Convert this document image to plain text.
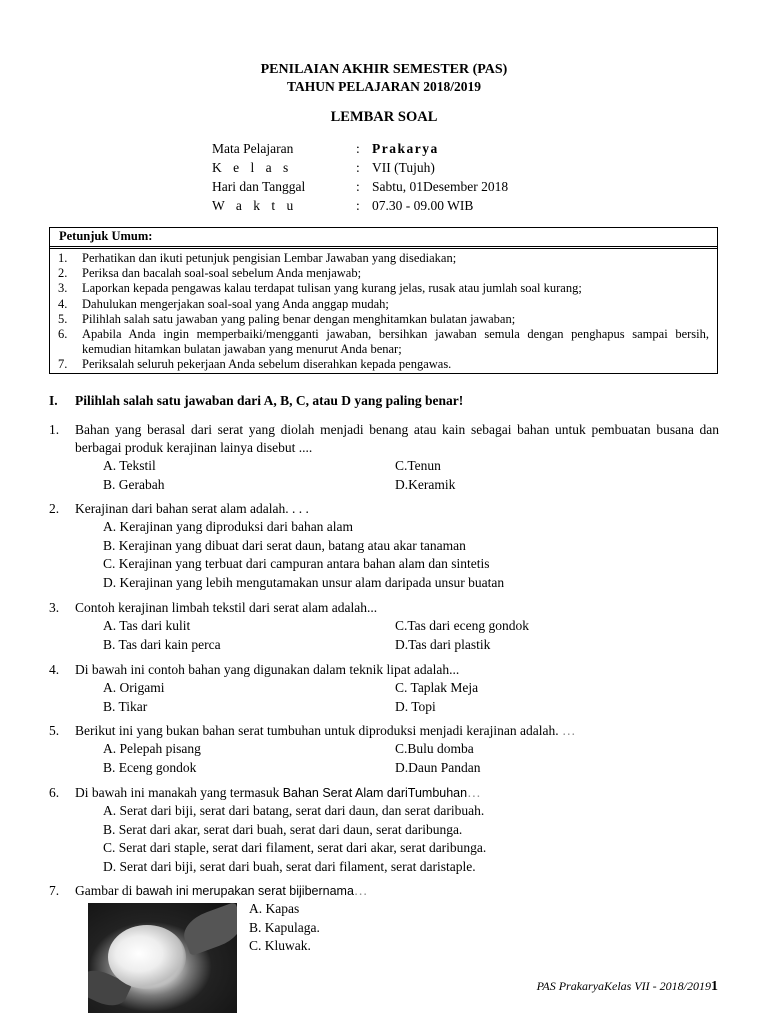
PENILAIAN AKHIR SEMESTER (PAS)
TAHUN PELAJARAN 2018/2019
LEMBAR SOAL
Mata Pelajaran	: Prakarya
K e l a s	: VII (Tujuh)
Hari dan Tanggal	: Sabtu, 01Desember 2018
W a k t u	: 07.30 - 09.00 WIB
Petunjuk Umum:
1.	Perhatikan dan ikuti petunjuk pengisian Lembar Jawaban yang disediakan;
2.	Periksa dan bacalah soal-soal sebelum Anda menjawab;
3.	Laporkan kepada pengawas kalau terdapat tulisan yang kurang jelas, rusak atau jumlah soal kurang;
4.	Dahulukan mengerjakan soal-soal yang Anda anggap mudah;
5.	Pilihlah salah satu jawaban yang paling benar dengan menghitamkan bulatan jawaban;
6.	Apabila Anda ingin memperbaiki/mengganti jawaban, bersihkan jawaban semula dengan penghapus sampai bersih, kemudian hitamkan bulatan jawaban yang menurut Anda benar;
7.	Periksalah seluruh pekerjaan Anda sebelum diserahkan kepada pengawas.
I.	Pilihlah salah satu jawaban dari A, B, C, atau D yang paling benar!
1.	Bahan yang berasal dari serat yang diolah menjadi benang atau kain sebagai bahan untuk pembuatan busana dan berbagai produk kerajinan lainya disebut ....
A. Tekstil	C.Tenun
B. Gerabah	D.Keramik
2.	Kerajinan dari bahan serat alam adalah. . . .
A. Kerajinan yang diproduksi dari bahan alam
B. Kerajinan yang dibuat dari serat daun, batang atau akar tanaman
C. Kerajinan yang terbuat dari campuran antara bahan alam dan sintetis
D. Kerajinan yang lebih mengutamakan unsur alam daripada unsur buatan
3.	Contoh kerajinan limbah tekstil dari serat alam adalah...
A. Tas dari kulit	C.Tas dari eceng gondok
B. Tas dari kain perca	D.Tas dari plastik
4.	Di bawah ini contoh bahan yang digunakan dalam teknik lipat adalah...
A. Origami	C. Taplak Meja
B. Tikar	D. Topi
5.	Berikut ini yang bukan bahan serat tumbuhan untuk diproduksi menjadi kerajinan adalah. …
A. Pelepah pisang	C.Bulu domba
B. Eceng gondok	D.Daun Pandan
6.	Di bawah ini manakah yang termasuk Bahan Serat Alam dariTumbuhan…
A. Serat dari biji, serat dari batang, serat dari daun, dan serat daribuah.
B. Serat dari akar, serat dari buah, serat dari daun, serat daribunga.
C. Serat dari staple, serat dari filament, serat dari akar, serat daribunga.
D. Serat dari biji, serat dari buah, serat dari filament, serat daristaple.
7.	Gambar di bawah ini merupakan serat bijibernama…
A. Kapas
B. Kapulaga.
C. Kluwak.
PAS PrakaryaKelas VII - 2018/20191
